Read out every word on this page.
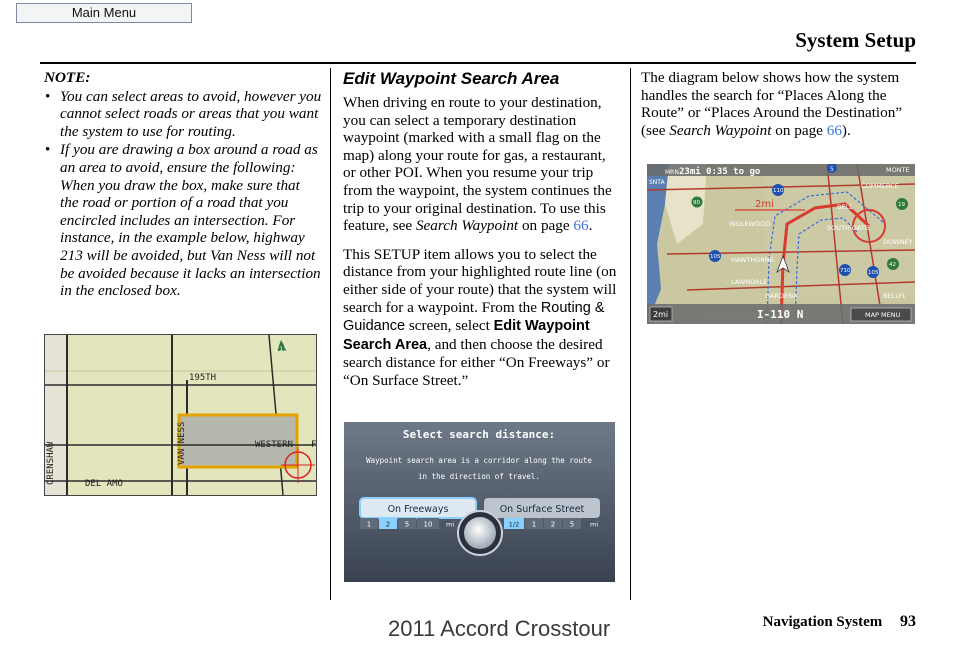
Main Menu
System Setup
NOTE:
• You can select areas to avoid, however you cannot select roads or areas that you want the system to use for routing.
• If you are drawing a box around a road as an area to avoid, ensure the following: When you draw the box, make sure that the road or portion of a road that you encircled includes an intersection. For instance, in the example below, highway 213 will be avoided, but Van Ness will not be avoided because it lacks an intersection in the enclosed box.
195TH
CRENSHAW	DEL AMO
VAN NESS	WESTERN F
213
Edit Waypoint Search Area

When driving en route to your destination, you can select a temporary destination waypoint (marked with a small flag on the map) along your route for gas, a restaurant, or other POI. When you resume your trip from the waypoint, the system continues the trip to your original destination. To use this feature, see Search Waypoint on page 66.

This SETUP item allows you to select the distance from your highlighted route line (on either side of your route) that the system will search for a waypoint. From the Routing & Guidance screen, select Edit Waypoint Search Area, and then choose the desired search distance for either “On Freeways” or “On Surface Street.”

Select search distance:
Waypoint search area is a corridor along the route
in the direction of travel.
On Freeways	On Surface Street
1 2 5 10 mi	1/2 1 2 5 mi

The diagram below shows how the system handles the search for “Places Along the Route” or “Places Around the Destination” (see Search Waypoint on page 66).

2mi
23mi 0:35 to go
SNTA
MRN	MONTE
COMMERCE
BELL
SOUTH GATE
DOWNEY
INGLEWOOD
HAWTHORNE
LAWNDALE
GARDENA	BELLFL
5
110
90
105
710	105
42
19
2mi	I-110 N	MAP MENU
Navigation System 93
2011 Accord Crosstour
